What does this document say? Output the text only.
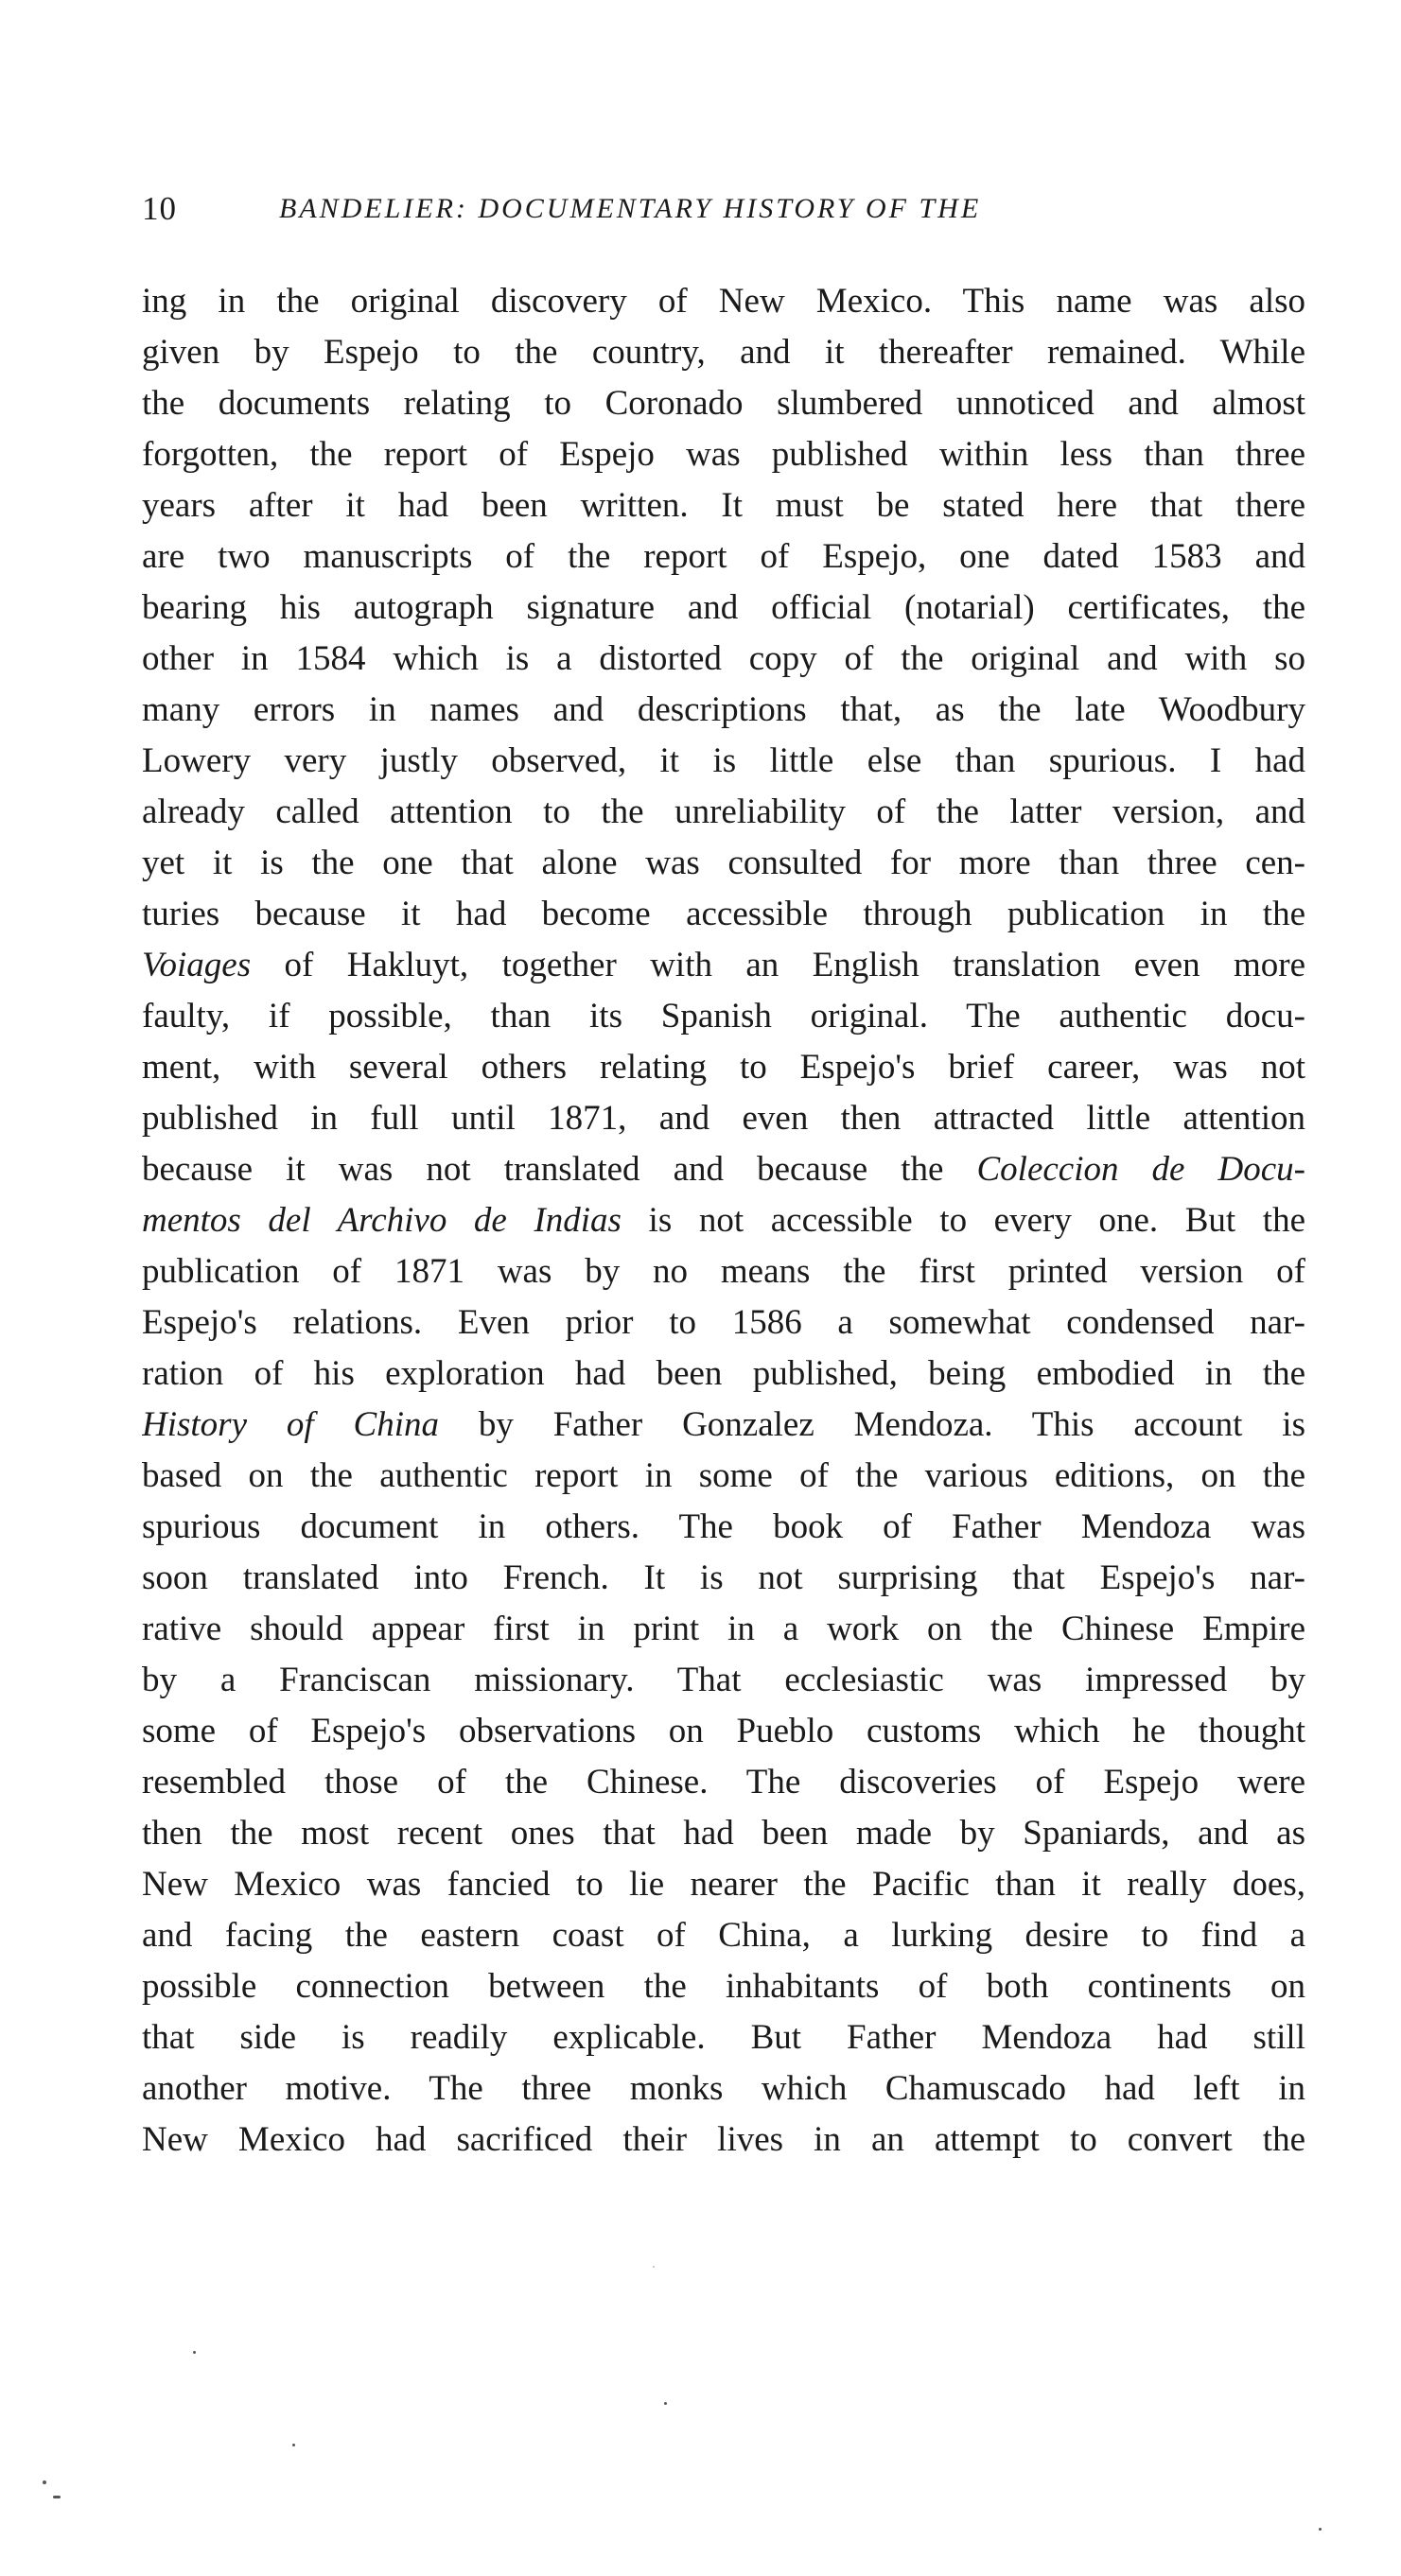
10	BANDELIER: DOCUMENTARY HISTORY OF THE
ing in the original discovery of New Mexico. This name was also
given by Espejo to the country, and it thereafter remained. While
the documents relating to Coronado slumbered unnoticed and almost
forgotten, the report of Espejo was published within less than three
years after it had been written. It must be stated here that there
are two manuscripts of the report of Espejo, one dated 1583 and
bearing his autograph signature and official (notarial) certificates, the
other in 1584 which is a distorted copy of the original and with so
many errors in names and descriptions that, as the late Woodbury
Lowery very justly observed, it is little else than spurious. I had
already called attention to the unreliability of the latter version, and
yet it is the one that alone was consulted for more than three cen-
turies because it had become accessible through publication in the
Voiages of Hakluyt, together with an English translation even more
faulty, if possible, than its Spanish original. The authentic docu-
ment, with several others relating to Espejo's brief career, was not
published in full until 1871, and even then attracted little attention
because it was not translated and because the Coleccion de Docu-
mentos del Archivo de Indias is not accessible to every one. But the
publication of 1871 was by no means the first printed version of
Espejo's relations. Even prior to 1586 a somewhat condensed nar-
ration of his exploration had been published, being embodied in the
History of China by Father Gonzalez Mendoza. This account is
based on the authentic report in some of the various editions, on the
spurious document in others. The book of Father Mendoza was
soon translated into French. It is not surprising that Espejo's nar-
rative should appear first in print in a work on the Chinese Empire
by a Franciscan missionary. That ecclesiastic was impressed by
some of Espejo's observations on Pueblo customs which he thought
resembled those of the Chinese. The discoveries of Espejo were
then the most recent ones that had been made by Spaniards, and as
New Mexico was fancied to lie nearer the Pacific than it really does,
and facing the eastern coast of China, a lurking desire to find a
possible connection between the inhabitants of both continents on
that side is readily explicable. But Father Mendoza had still
another motive. The three monks which Chamuscado had left in
New Mexico had sacrificed their lives in an attempt to convert the
